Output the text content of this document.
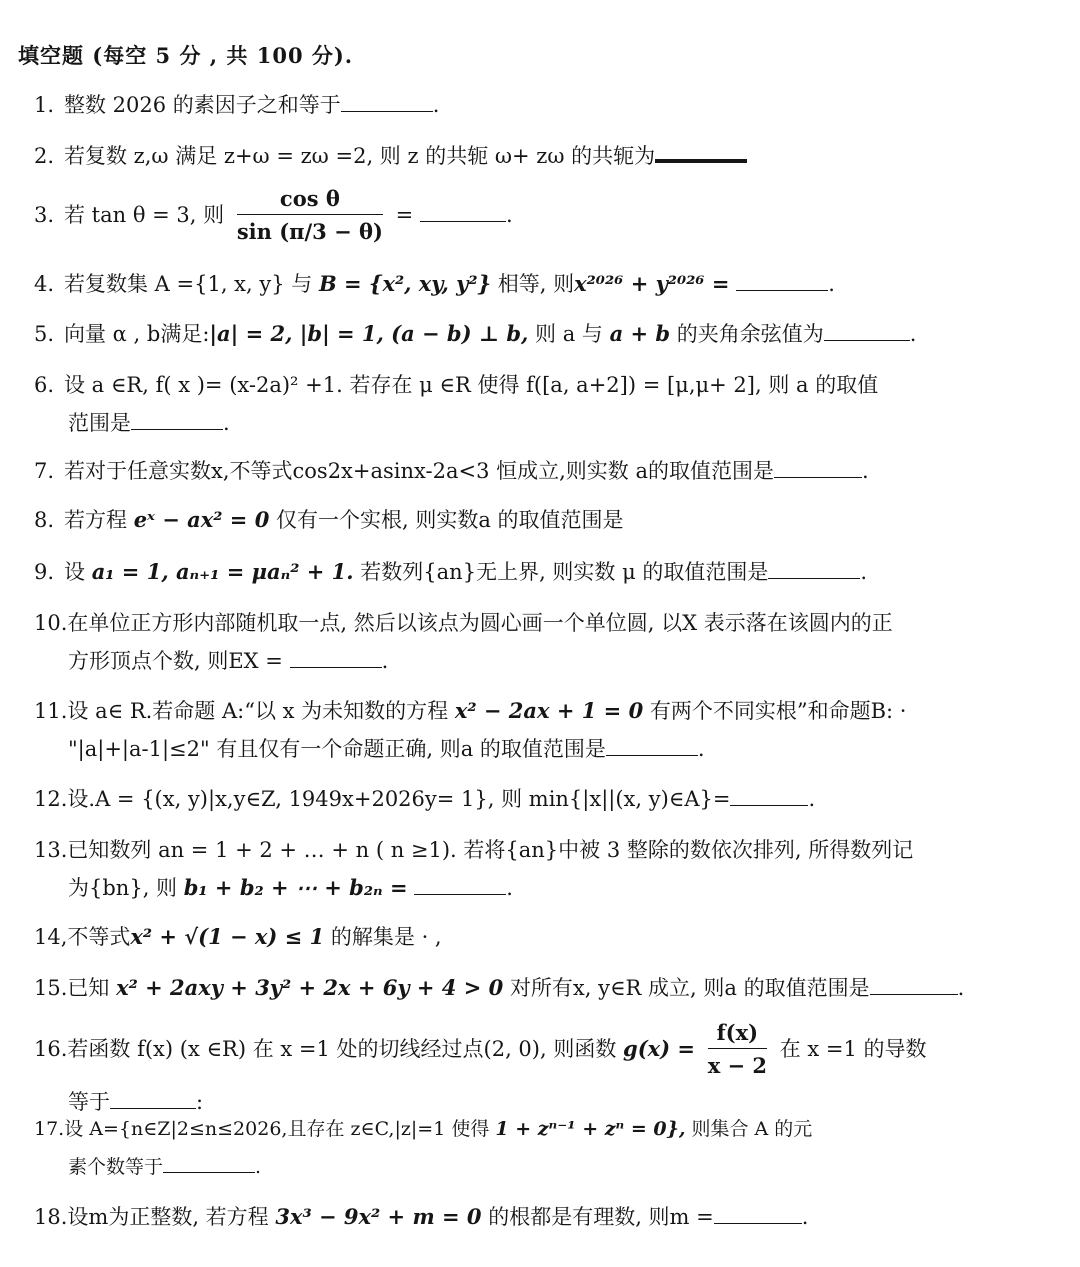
填空题 (每空 5 分 , 共 100 分).
1. 整数 2026 的素因子之和等于	.
2. 若复数 z,ω 满足 z+ω = zω =2, 则 z 的共轭 ω+ zω 的共轭为
3. 若 tan θ = 3, 则 $\frac{\text{cos θ}}{\sin (\pi/3 - \theta)}$ =	.
4. 若复数集 A ={1, x, y} 与 B = {x², xy, y²} 相等, 则x²⁰²⁶ + y²⁰²⁶ =	.
5. 向量 α , b满足:|a| = 2, |b| = 1, (a − b) ⊥ b, 则 a 与 a + b 的夹角余弦值为	.
6. 设 a ∈R, f( x )= (x-2a)² +1. 若存在 μ ∈R 使得 f([a, a+2]) = [μ,μ+ 2], 则 a 的取值
范围是	.
7. 若对于任意实数x,不等式cos2x+asinx-2a<3 恒成立,则实数 a的取值范围是	.
8. 若方程 eˣ − ax² = 0 仅有一个实根, 则实数a 的取值范围是
9. 设 a₁ = 1, aₙ₊₁ = μaₙ² + 1. 若数列{an}无上界, 则实数 μ 的取值范围是	.
10.在单位正方形内部随机取一点, 然后以该点为圆心画一个单位圆, 以X 表示落在该圆内的正
方形顶点个数, 则EX =	.
11.设 a∈ R.若命题 A:“以 x 为未知数的方程 x² − 2ax + 1 = 0 有两个不同实根”和命题B: ·
"|a|+|a-1|≤2" 有且仅有一个命题正确, 则a 的取值范围是	.
12.设.A = {(x, y)|x,y∈Z, 1949x+2026y= 1}, 则 min{|x||(x, y)∈A}=	.
13.已知数列 an = 1 + 2 + … + n ( n ≥1). 若将{an}中被 3 整除的数依次排列, 所得数列记
为{bn}, 则 b₁ + b₂ + ⋯ + b₂ₙ =	.
14,不等式x² + √(1 − x) ≤ 1 的解集是 · ,
15.已知 x² + 2axy + 3y² + 2x + 6y + 4 > 0 对所有x, y∈R 成立, 则a 的取值范围是	.
16.若函数 f(x) (x ∈R) 在 x =1 处的切线经过点(2, 0), 则函数 $g(x) = \frac{f(x)}{x - 2}$ 在 x =1 的导数
等于	:
17.设 A={n∈Z|2≤n≤2026,且存在 z∈C,|z|=1 使得 1 + zⁿ⁻¹ + zⁿ = 0}, 则集合 A 的元
素个数等于	.
18.设m为正整数, 若方程 3x³ − 9x² + m = 0 的根都是有理数, 则m =	.
